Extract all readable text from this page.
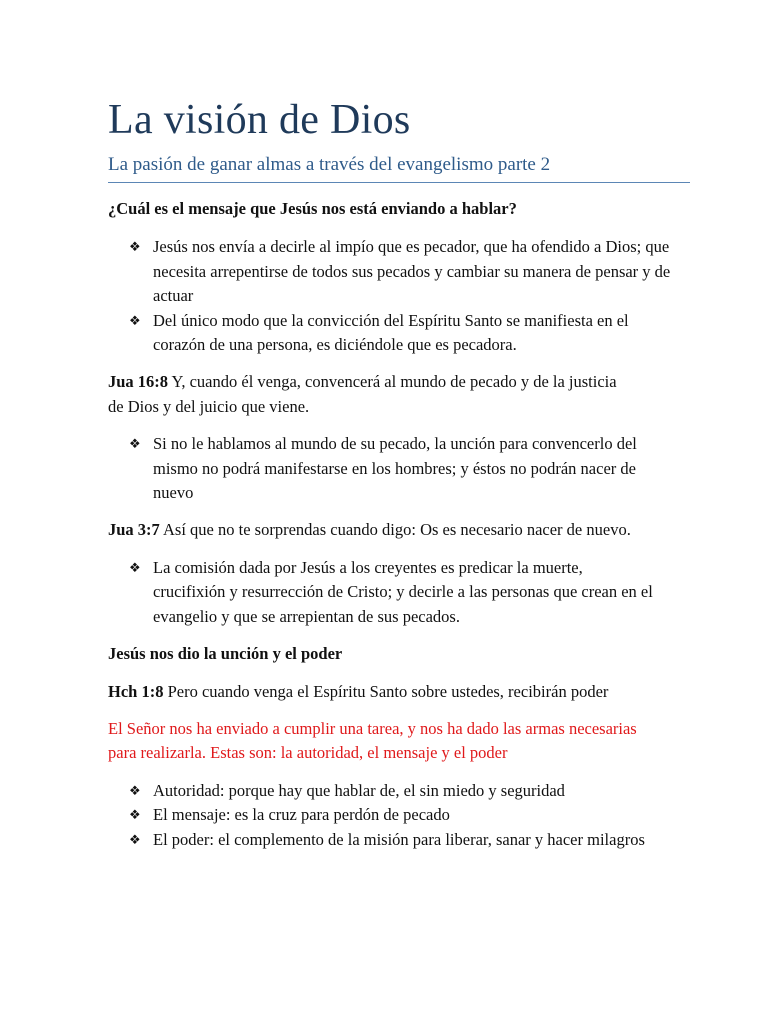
La visión de Dios
La pasión de ganar almas a través del evangelismo parte 2

¿Cuál es el mensaje que Jesús nos está enviando a hablar?

❖ Jesús nos envía a decirle al impío que es pecador, que ha ofendido a Dios; que necesita arrepentirse de todos sus pecados y cambiar su manera de pensar y de actuar
❖ Del único modo que la convicción del Espíritu Santo se manifiesta en el corazón de una persona, es diciéndole que es pecadora.

Jua 16:8 Y, cuando él venga, convencerá al mundo de pecado y de la justicia de Dios y del juicio que viene.

❖ Si no le hablamos al mundo de su pecado, la unción para convencerlo del mismo no podrá manifestarse en los hombres; y éstos no podrán nacer de nuevo

Jua 3:7 Así que no te sorprendas cuando digo: Os es necesario nacer de nuevo.

❖ La comisión dada por Jesús a los creyentes es predicar la muerte, crucifixión y resurrección de Cristo; y decirle a las personas que crean en el evangelio y que se arrepientan de sus pecados.

Jesús nos dio la unción y el poder

Hch 1:8 Pero cuando venga el Espíritu Santo sobre ustedes, recibirán poder

El Señor nos ha enviado a cumplir una tarea, y nos ha dado las armas necesarias para realizarla. Estas son: la autoridad, el mensaje y el poder

❖ Autoridad: porque hay que hablar de, el sin miedo y seguridad
❖ El mensaje: es la cruz para perdón de pecado
❖ El poder: el complemento de la misión para liberar, sanar y hacer milagros
